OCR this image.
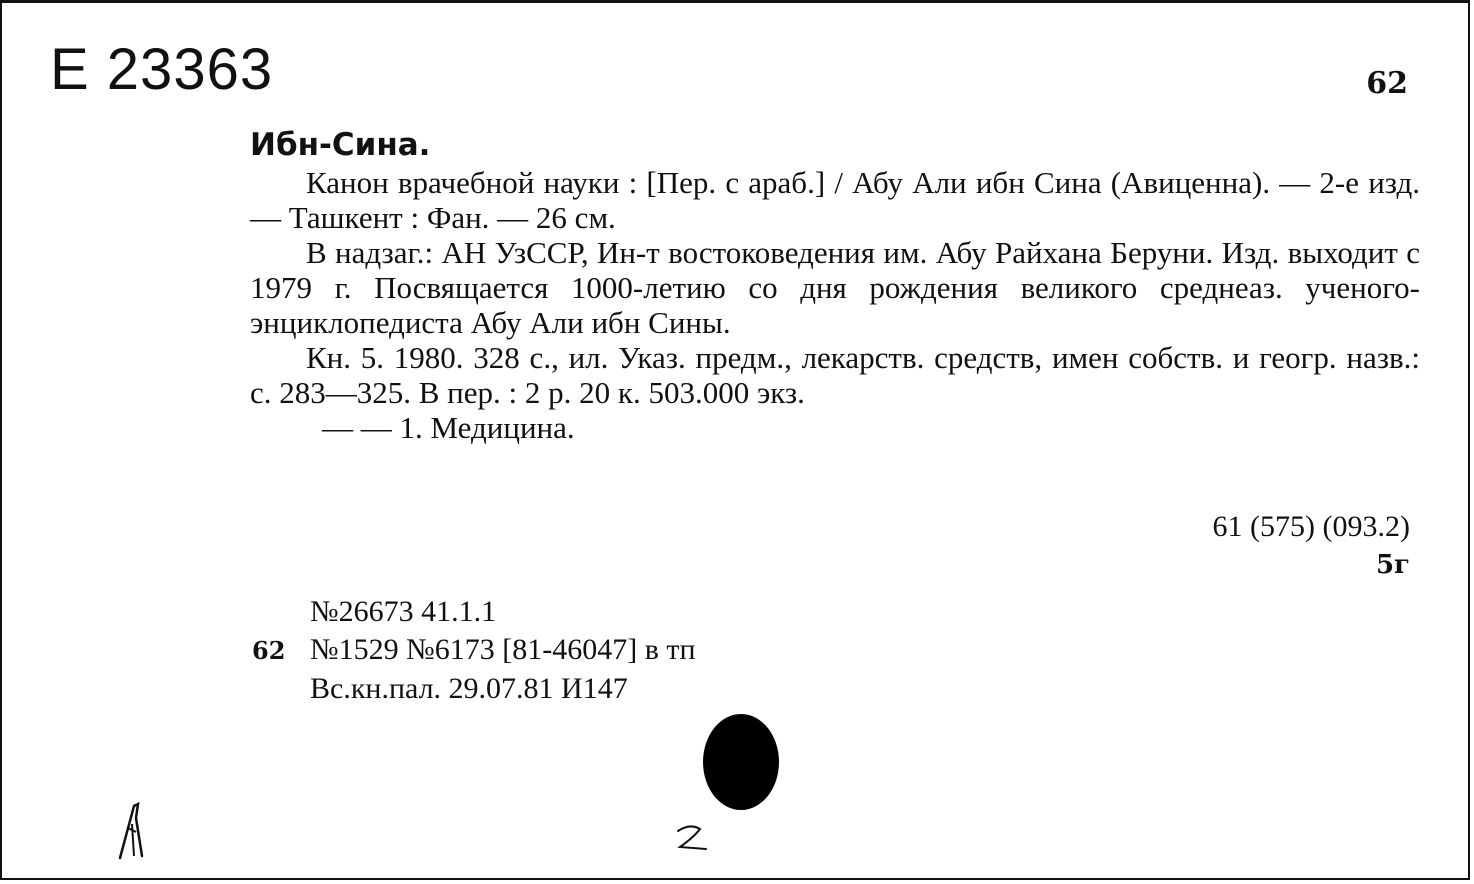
Е 23363	62
Ибн-Сина.

Канон врачебной науки : [Пер. с араб.] / Абу Али ибн Сина (Авиценна). — 2-е изд. — Ташкент : Фан. — 26 см.

В надзаг.: АН УзССР, Ин-т востоковедения им. Абу Райхана Беруни. Изд. выходит с 1979 г. Посвящается 1000-летию со дня рождения великого среднеаз. ученого-энциклопедиста Абу Али ибн Сины.

Кн. 5. 1980. 328 с., ил. Указ. предм., лекарств. средств, имен собств. и геогр. назв.: с. 283—325. В пер. : 2 р. 20 к. 503.000 экз.

— — 1. Медицина.
61 (575) (093.2)
5г
№26673 41.1.1
62 №1529 №6173 [81-46047] в тп
Вс.кн.пал. 29.07.81 И147
